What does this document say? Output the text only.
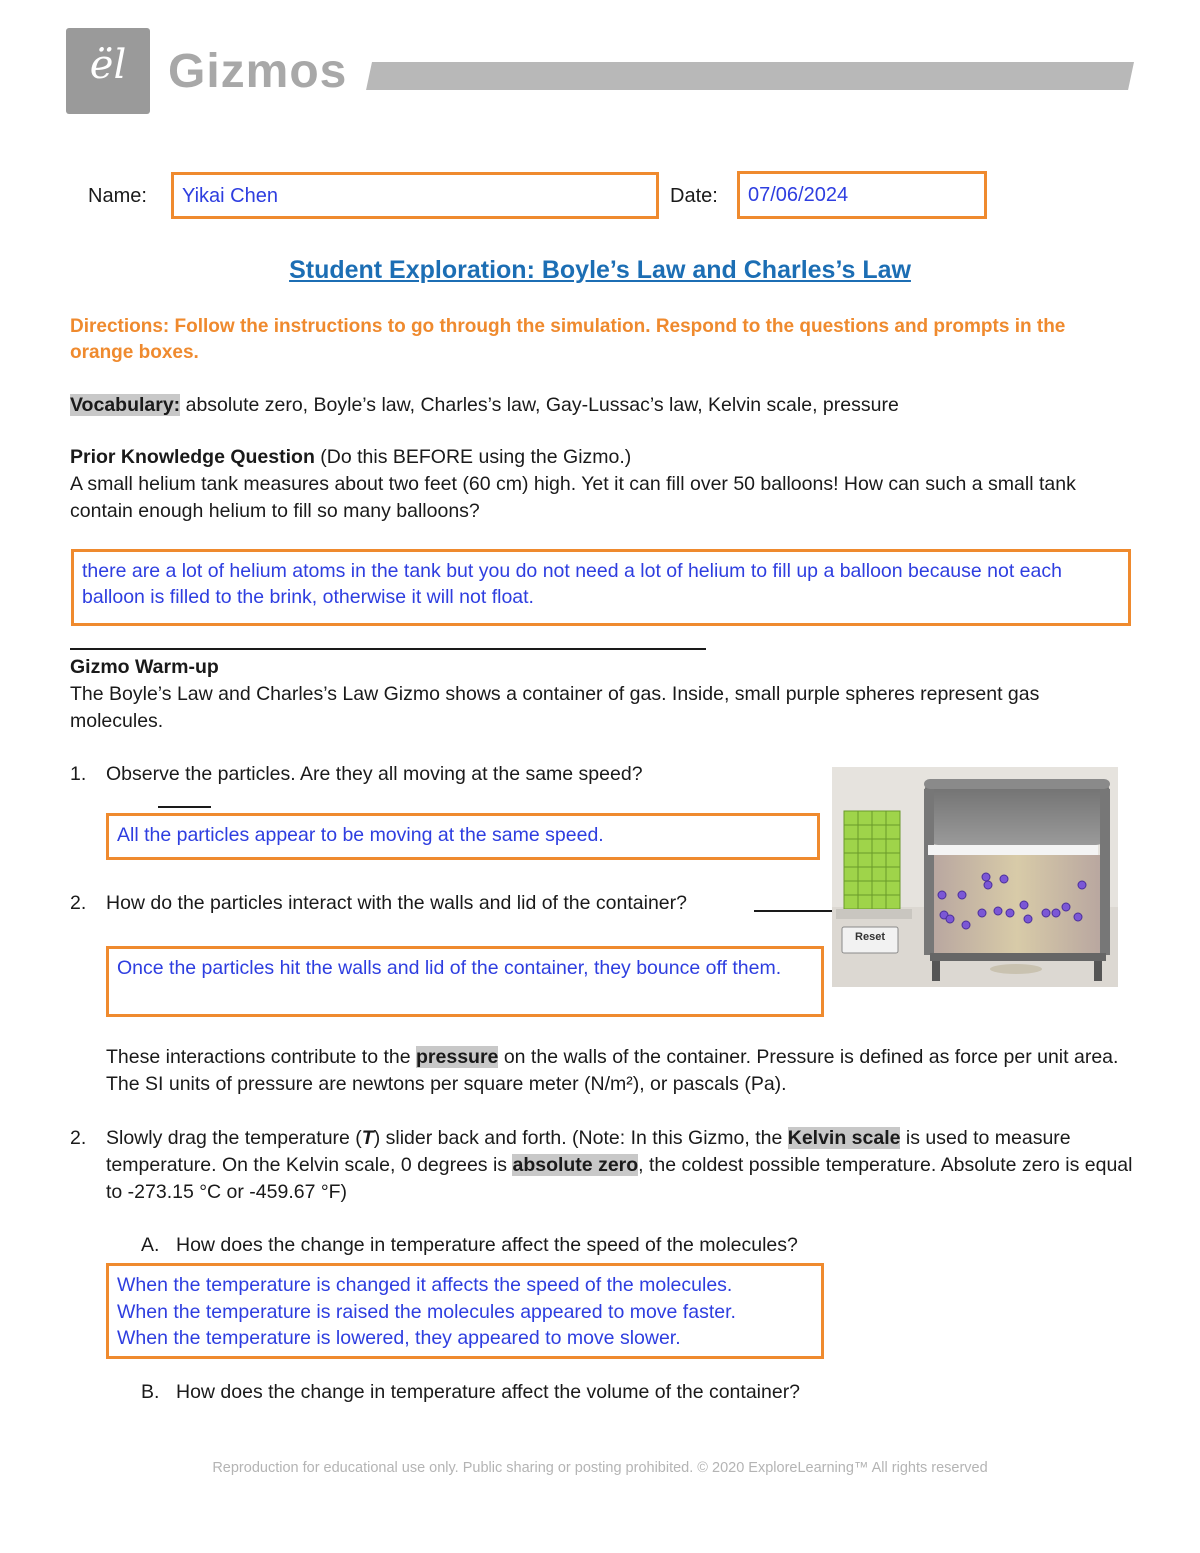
ël Gizmos
Name:	Yikai Chen	Date:	07/06/2024
Student Exploration: Boyle’s Law and Charles’s Law
Directions: Follow the instructions to go through the simulation. Respond to the questions and prompts in the orange boxes.
Vocabulary: absolute zero, Boyle’s law, Charles’s law, Gay-Lussac’s law, Kelvin scale, pressure
Prior Knowledge Question (Do this BEFORE using the Gizmo.)
A small helium tank measures about two feet (60 cm) high. Yet it can fill over 50 balloons! How can such a small tank contain enough helium to fill so many balloons?
there are a lot of helium atoms in the tank but you do not need a lot of helium to fill up a balloon because not each balloon is filled to the brink, otherwise it will not float.
Gizmo Warm-up
The Boyle’s Law and Charles’s Law Gizmo shows a container of gas. Inside, small purple spheres represent gas molecules.
1. Observe the particles. Are they all moving at the same speed?
All the particles appear to be moving at the same speed.
2. How do the particles interact with the walls and lid of the container?
Once the particles hit the walls and lid of the container, they bounce off them.
These interactions contribute to the pressure on the walls of the container. Pressure is defined as force per unit area. The SI units of pressure are newtons per square meter (N/m²), or pascals (Pa).
2. Slowly drag the temperature (T) slider back and forth. (Note: In this Gizmo, the Kelvin scale is used to measure temperature. On the Kelvin scale, 0 degrees is absolute zero, the coldest possible temperature. Absolute zero is equal to -273.15 °C or -459.67 °F)
A. How does the change in temperature affect the speed of the molecules?
When the temperature is changed it affects the speed of the molecules.
When the temperature is raised the molecules appeared to move faster.
When the temperature is lowered, they appeared to move slower.
B. How does the change in temperature affect the volume of the container?
Reset
Reproduction for educational use only. Public sharing or posting prohibited. © 2020 ExploreLearning™ All rights reserved
